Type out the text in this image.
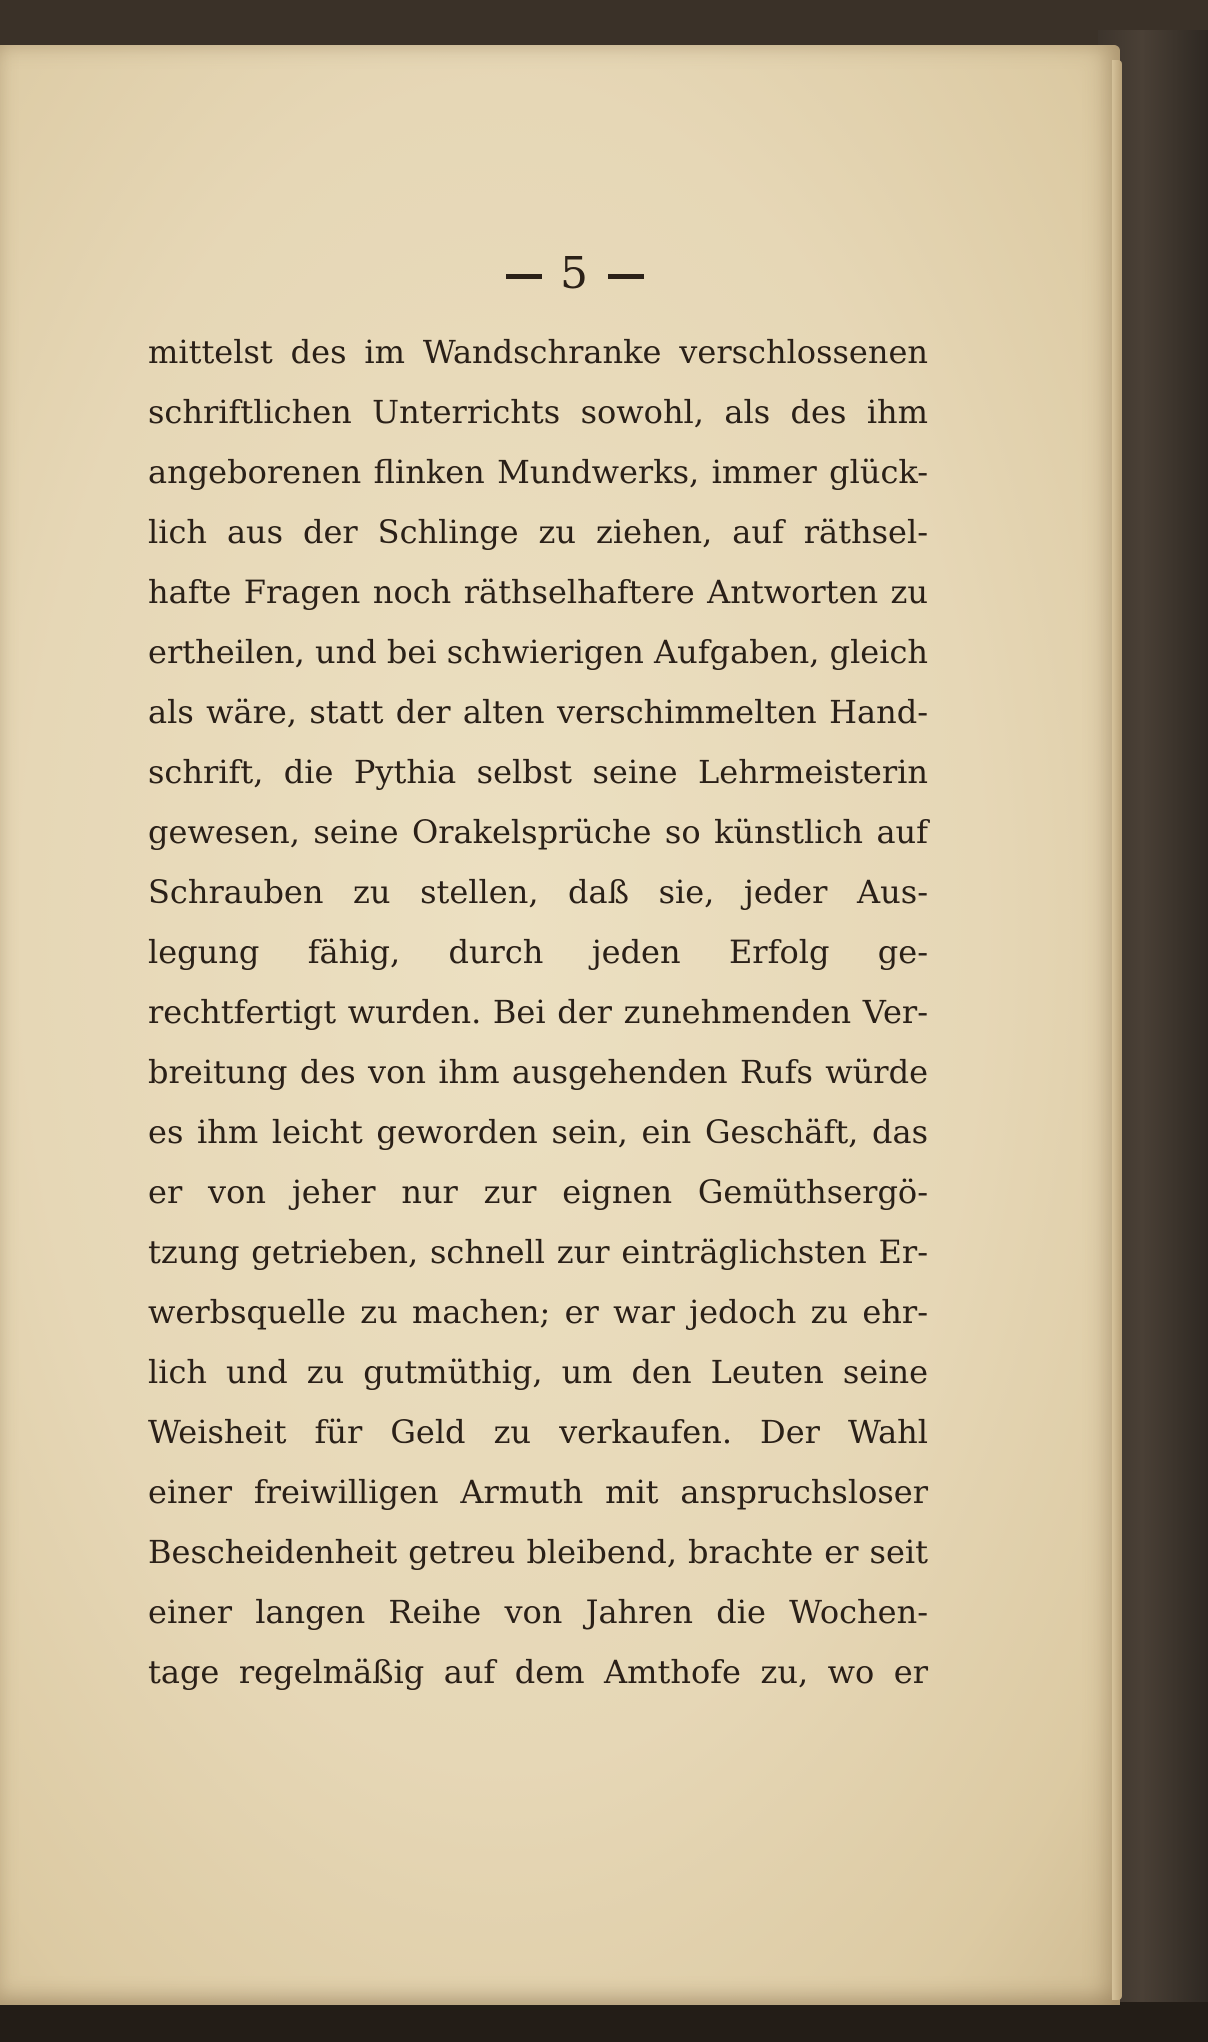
5
mittelst des im Wandschranke verschlossenen
schriftlichen Unterrichts sowohl, als des ihm
angeborenen flinken Mundwerks, immer glück-
lich aus der Schlinge zu ziehen, auf räthsel-
hafte Fragen noch räthselhaftere Antworten zu
ertheilen, und bei schwierigen Aufgaben, gleich
als wäre, statt der alten verschimmelten Hand-
schrift, die Pythia selbst seine Lehrmeisterin
gewesen, seine Orakelsprüche so künstlich auf
Schrauben zu stellen, daß sie, jeder Aus-
legung fähig, durch jeden Erfolg ge-
rechtfertigt wurden. Bei der zunehmenden Ver-
breitung des von ihm ausgehenden Rufs würde
es ihm leicht geworden sein, ein Geschäft, das
er von jeher nur zur eignen Gemüthsergö-
tzung getrieben, schnell zur einträglichsten Er-
werbsquelle zu machen; er war jedoch zu ehr-
lich und zu gutmüthig, um den Leuten seine
Weisheit für Geld zu verkaufen. Der Wahl
einer freiwilligen Armuth mit anspruchsloser
Bescheidenheit getreu bleibend, brachte er seit
einer langen Reihe von Jahren die Wochen-
tage regelmäßig auf dem Amthofe zu, wo er
